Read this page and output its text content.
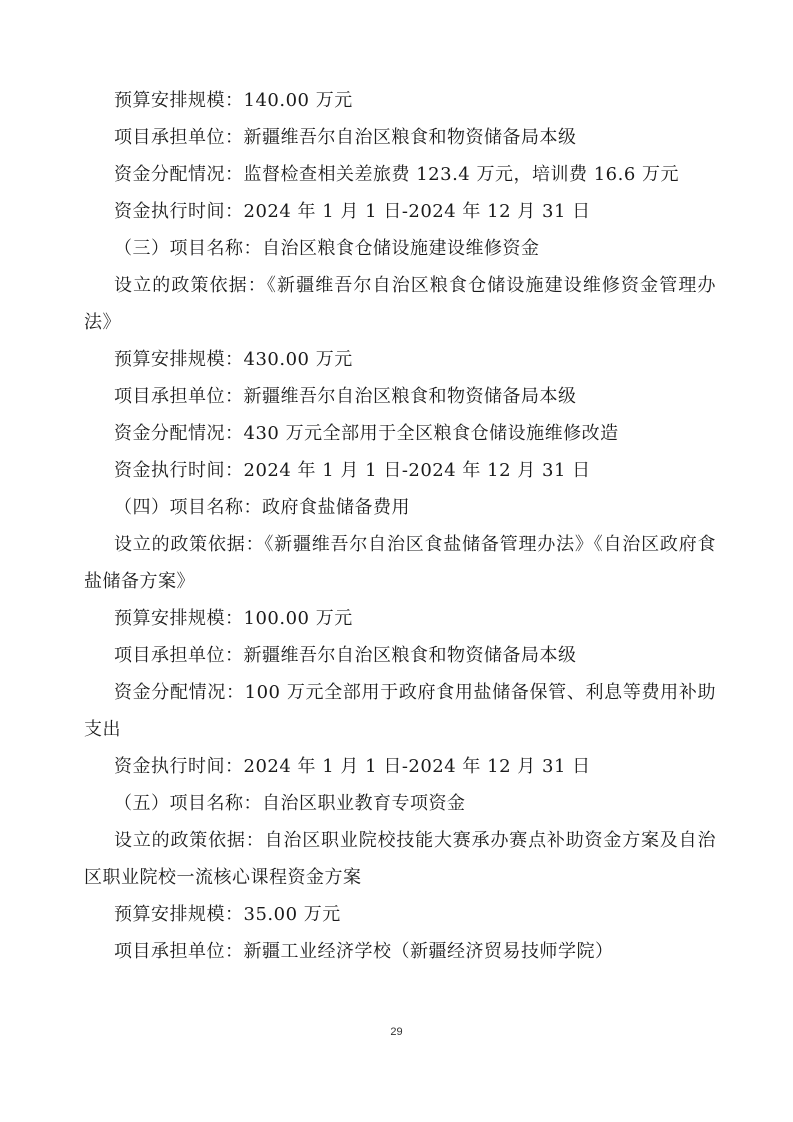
预算安排规模：140.00 万元

项目承担单位：新疆维吾尔自治区粮食和物资储备局本级

资金分配情况：监督检查相关差旅费 123.4 万元，培训费 16.6 万元

资金执行时间：2024 年 1 月 1 日-2024 年 12 月 31 日

（三）项目名称：自治区粮食仓储设施建设维修资金

设立的政策依据：《新疆维吾尔自治区粮食仓储设施建设维修资金管理办法》

预算安排规模：430.00 万元

项目承担单位：新疆维吾尔自治区粮食和物资储备局本级

资金分配情况：430 万元全部用于全区粮食仓储设施维修改造

资金执行时间：2024 年 1 月 1 日-2024 年 12 月 31 日

（四）项目名称：政府食盐储备费用

设立的政策依据：《新疆维吾尔自治区食盐储备管理办法》《自治区政府食盐储备方案》

预算安排规模：100.00 万元

项目承担单位：新疆维吾尔自治区粮食和物资储备局本级

资金分配情况：100 万元全部用于政府食用盐储备保管、利息等费用补助支出

资金执行时间：2024 年 1 月 1 日-2024 年 12 月 31 日

（五）项目名称：自治区职业教育专项资金

设立的政策依据：自治区职业院校技能大赛承办赛点补助资金方案及自治区职业院校一流核心课程资金方案

预算安排规模：35.00 万元

项目承担单位：新疆工业经济学校（新疆经济贸易技师学院）

29
